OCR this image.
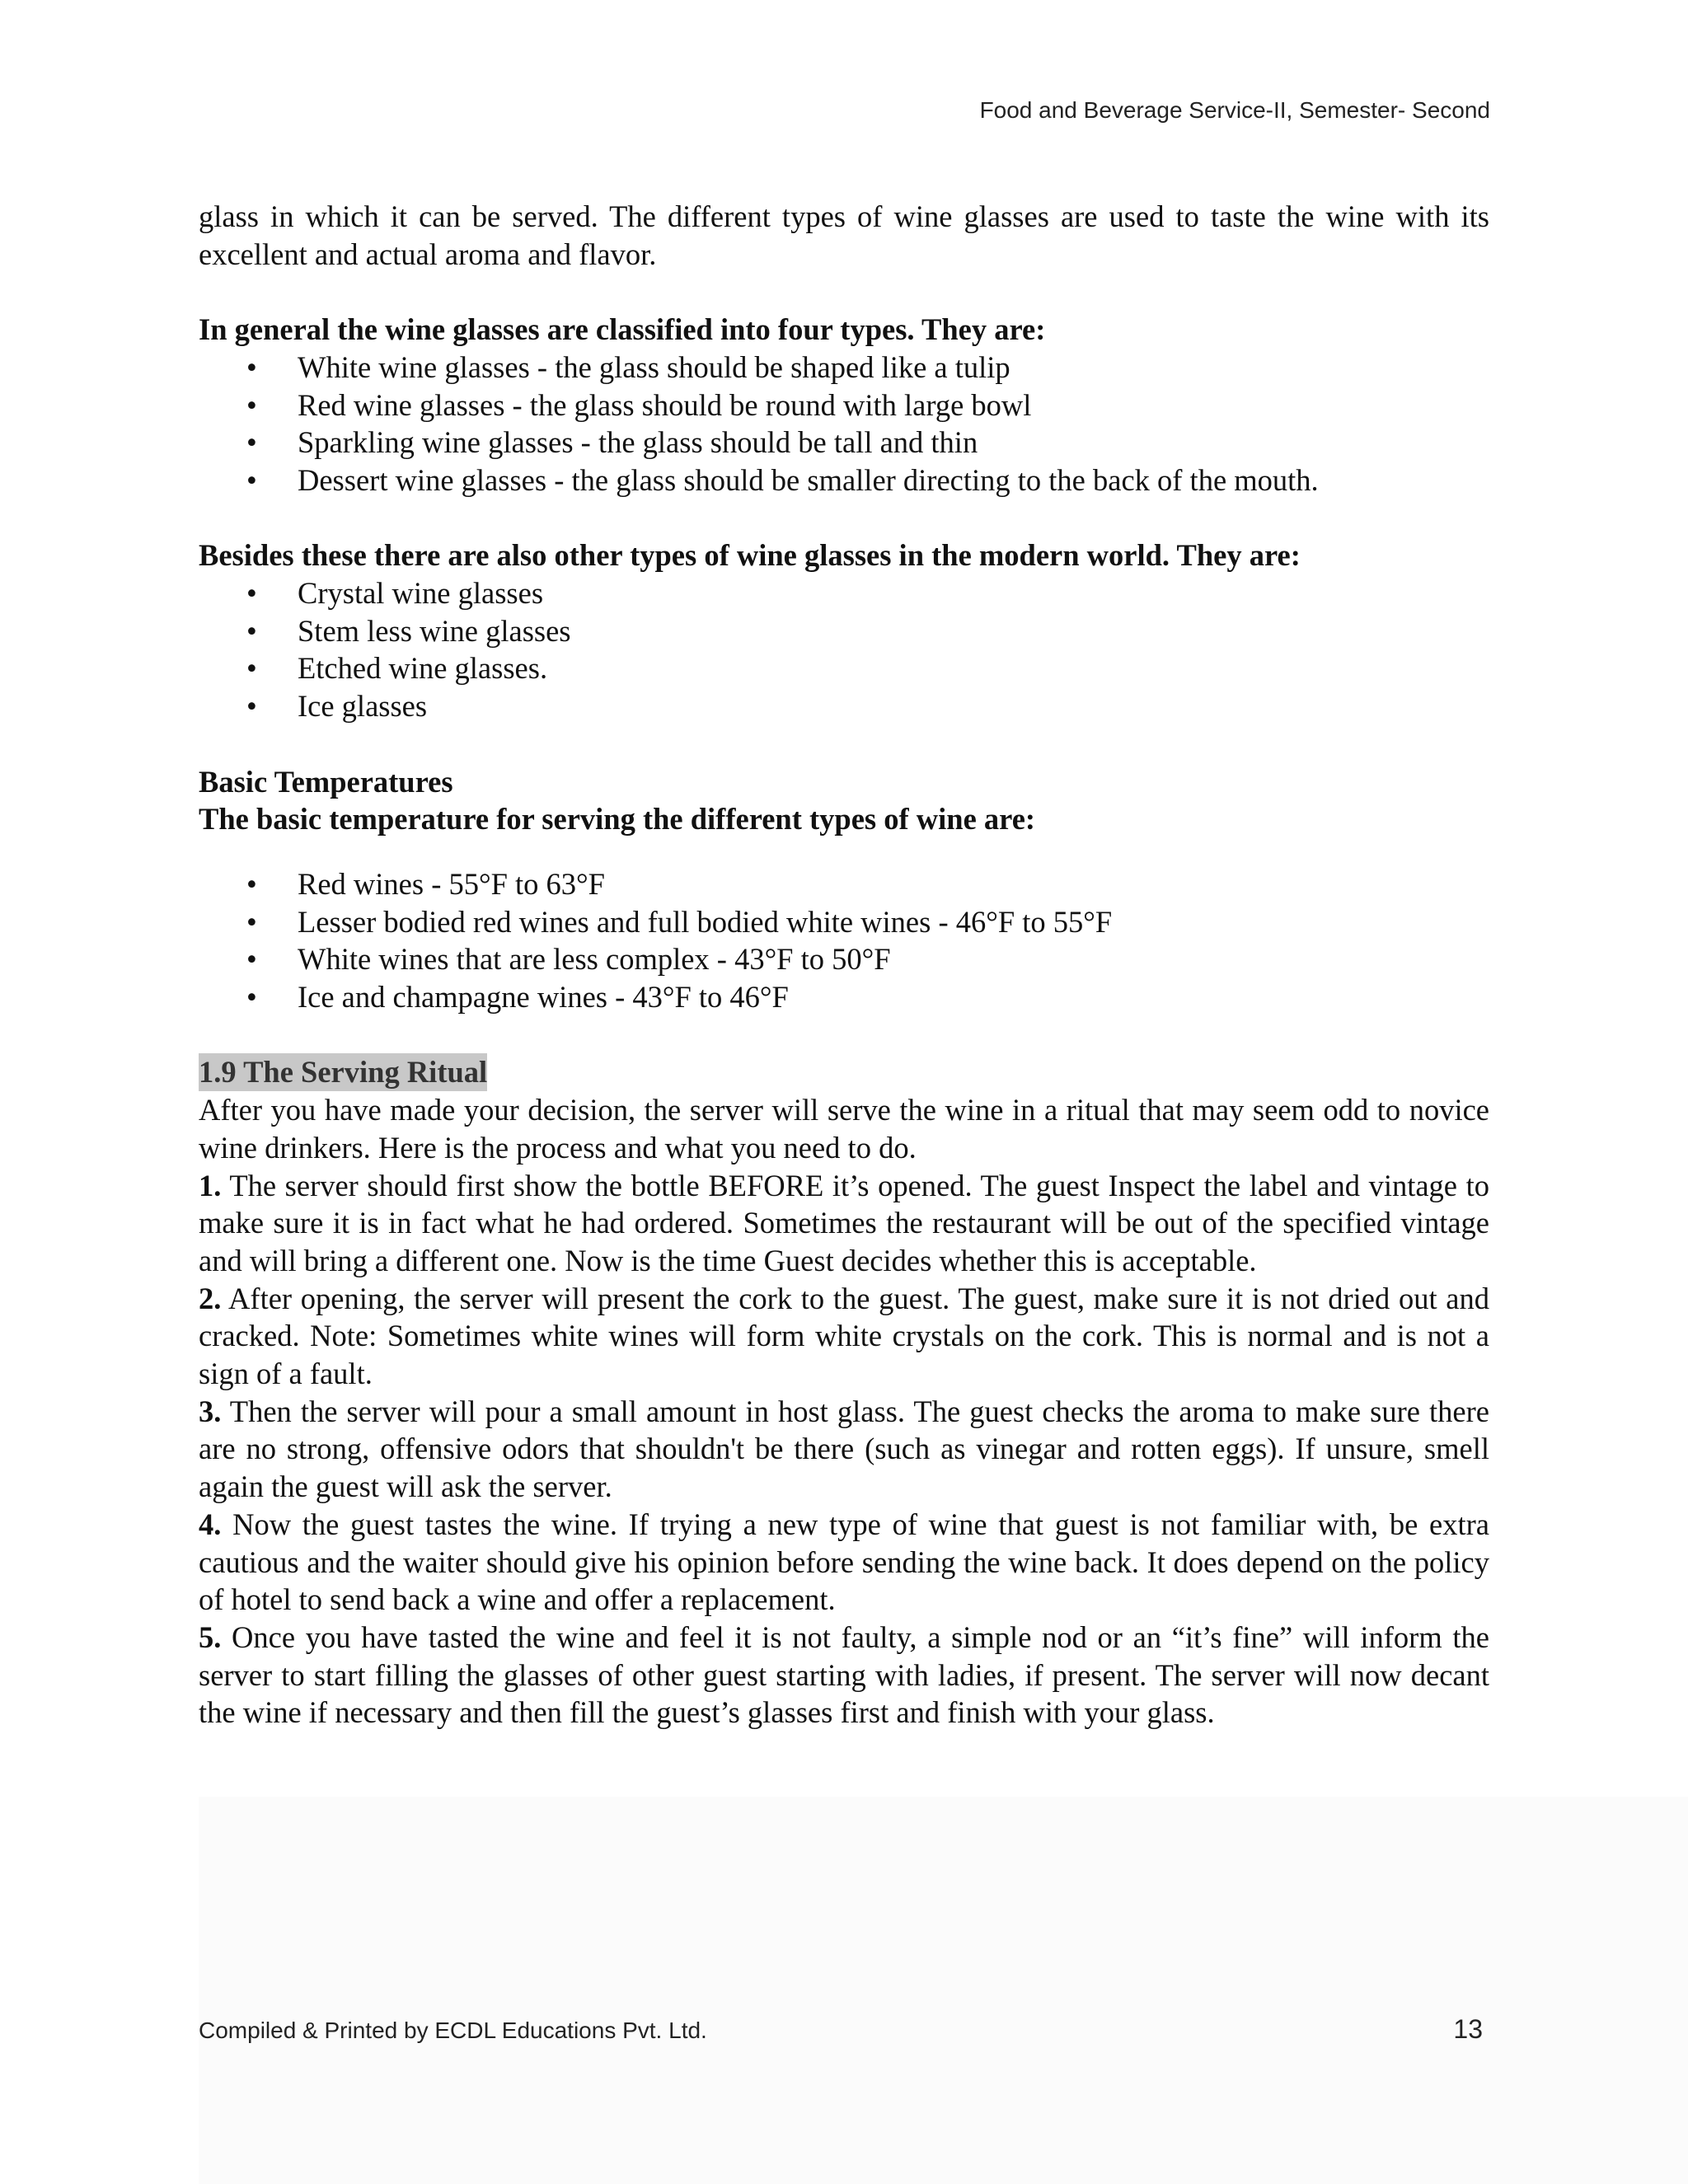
Food and Beverage Service-II, Semester- Second

glass in which it can be served. The different types of wine glasses are used to taste the wine with its excellent and actual aroma and flavor.

In general the wine glasses are classified into four types. They are:

• White wine glasses - the glass should be shaped like a tulip
• Red wine glasses - the glass should be round with large bowl
• Sparkling wine glasses - the glass should be tall and thin
• Dessert wine glasses - the glass should be smaller directing to the back of the mouth.

Besides these there are also other types of wine glasses in the modern world. They are:

• Crystal wine glasses
• Stem less wine glasses
• Etched wine glasses.
• Ice glasses

Basic Temperatures

The basic temperature for serving the different types of wine are:

• Red wines - 55°F to 63°F
• Lesser bodied red wines and full bodied white wines - 46°F to 55°F
• White wines that are less complex - 43°F to 50°F
• Ice and champagne wines - 43°F to 46°F

1.9 The Serving Ritual

After you have made your decision, the server will serve the wine in a ritual that may seem odd to novice wine drinkers. Here is the process and what you need to do.

1. The server should first show the bottle BEFORE it’s opened. The guest Inspect the label and vintage to make sure it is in fact what he had ordered. Sometimes the restaurant will be out of the specified vintage and will bring a different one. Now is the time Guest decides whether this is acceptable.

2. After opening, the server will present the cork to the guest. The guest, make sure it is not dried out and cracked. Note: Sometimes white wines will form white crystals on the cork. This is normal and is not a sign of a fault.

3. Then the server will pour a small amount in host glass. The guest checks the aroma to make sure there are no strong, offensive odors that shouldn't be there (such as vinegar and rotten eggs). If unsure, smell again the guest will ask the server.

4. Now the guest tastes the wine. If trying a new type of wine that guest is not familiar with, be extra cautious and the waiter should give his opinion before sending the wine back. It does depend on the policy of hotel to send back a wine and offer a replacement.

5. Once you have tasted the wine and feel it is not faulty, a simple nod or an “it’s fine” will inform the server to start filling the glasses of other guest starting with ladies, if present. The server will now decant the wine if necessary and then fill the guest’s glasses first and finish with your glass.

Compiled & Printed by ECDL Educations Pvt. Ltd.	13
